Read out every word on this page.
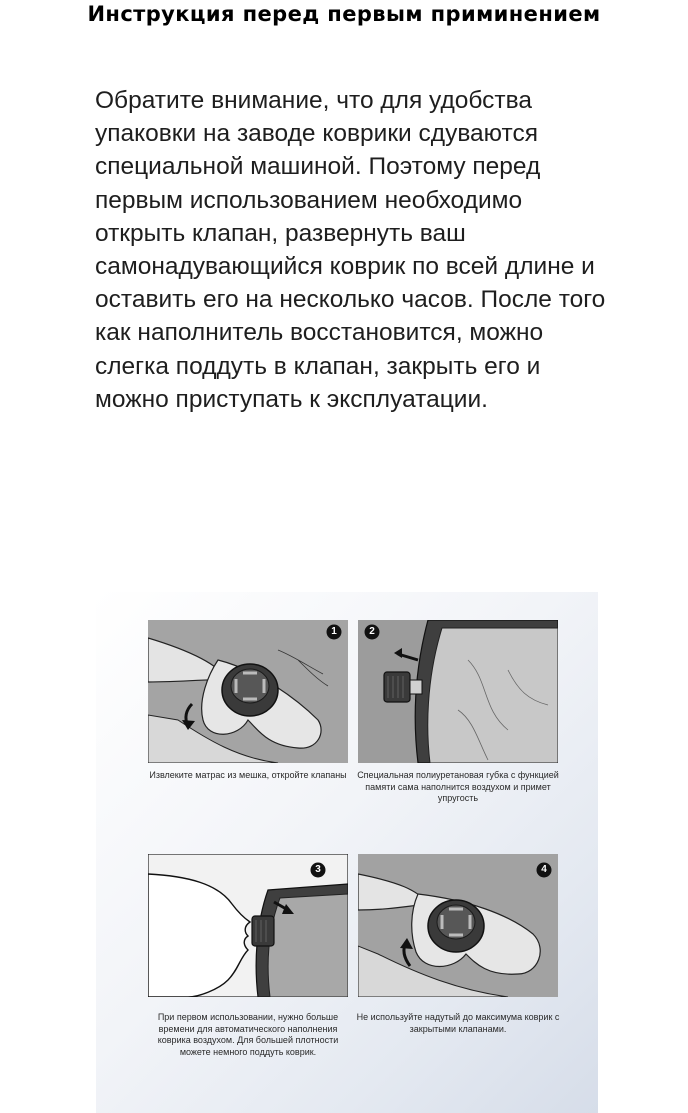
Инструкция перед первым приминением

Обратите внимание, что для удобства упаковки на заводе коврики сдуваются специальной машиной. Поэтому перед первым использованием необходимо открыть клапан, развернуть ваш самонадувающийся коврик по всей длине и оставить его на несколько часов. После того как наполнитель восстановится, можно слегка поддуть в клапан, закрыть его и можно приступать к эксплуатации.

1
Извлеките матрас из мешка, откройте клапаны
2
Специальная полиуретановая губка с функцией памяти сама наполнится воздухом и примет упругость
3
При первом использовании, нужно больше времени для автоматического наполнения коврика воздухом. Для большей плотности можете немного поддуть коврик.
4
Не используйте надутый до максимума коврик с закрытыми клапанами.
